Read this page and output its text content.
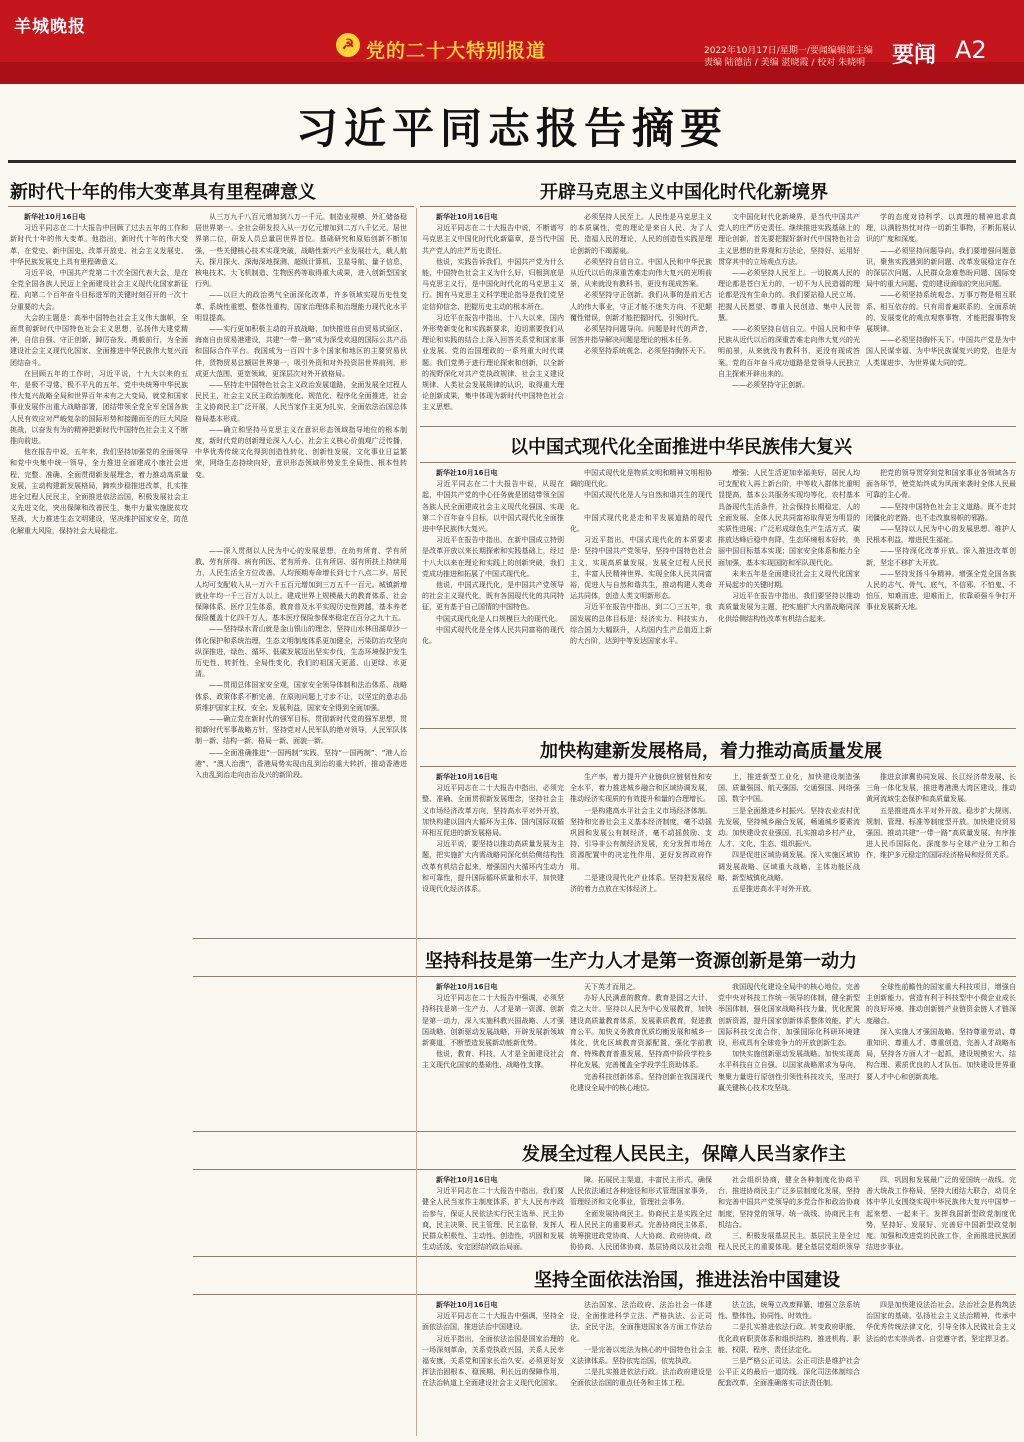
羊城晚报
☭ 党的二十大特别报道	2022年10月17日/星期一/要闻编辑部主编
责编 陆德洁 / 美编 湛晓霞 / 校对 朱晓明 要闻 A2
习近平同志报告摘要
新时代十年的伟大变革具有里程碑意义	开辟马克思主义中国化时代化新境界
以中国式现代化全面推进中华民族伟大复兴
加快构建新发展格局，着力推动高质量发展
坚持科技是第一生产力人才是第一资源创新是第一动力
发展全过程人民民主，保障人民当家作主
坚持全面依法治国，推进法治中国建设

新华社10月16日电

习近平同志在二十大报告中回顾了过去五年的工作和新时代十年的伟大变革。他指出，新时代十年的伟大变革，在党史、新中国史、改革开放史、社会主义发展史、中华民族发展史上具有里程碑意义。

习近平说，中国共产党第二十次全国代表大会，是在全党全国各族人民迈上全面建设社会主义现代化国家新征程、向第二个百年奋斗目标进军的关键时刻召开的一次十分重要的大会。

大会的主题是：高举中国特色社会主义伟大旗帜，全面贯彻新时代中国特色社会主义思想，弘扬伟大建党精神，自信自强、守正创新，踔厉奋发、勇毅前行，为全面建设社会主义现代化国家、全面推进中华民族伟大复兴而团结奋斗。

在回顾五年的工作时，习近平说，十九大以来的五年，是极不寻常、极不平凡的五年。党中央统筹中华民族伟大复兴战略全局和世界百年未有之大变局，就党和国家事业发展作出重大战略部署，团结带领全党全军全国各族人民有效应对严峻复杂的国际形势和接踵而至的巨大风险挑战，以奋发有为的精神把新时代中国特色社会主义不断推向前进。

他在报告中说，五年来，我们坚持加强党的全面领导和党中央集中统一领导，全力推进全面建成小康社会进程，完整、准确、全面贯彻新发展理念，着力推动高质量发展，主动构建新发展格局，蹄疾步稳推进改革，扎实推进全过程人民民主，全面推进依法治国，积极发展社会主义先进文化，突出保障和改善民生，集中力量实施脱贫攻坚战，大力推进生态文明建设，坚决维护国家安全，防范化解重大风险，保持社会大局稳定。

从三万九千八百元增加到八万一千元。制造业规模、外汇储备稳居世界第一。全社会研发投入从一万亿元增加到二万八千亿元，居世界第二位，研发人员总量居世界首位。基础研究和原始创新不断加强，一些关键核心技术实现突破，战略性新兴产业发展壮大，载人航天、探月探火、深海深地探测、超级计算机、卫星导航、量子信息、核电技术、大飞机制造、生物医药等取得重大成果，进入创新型国家行列。

——以巨大的政治勇气全面深化改革，许多领域实现历史性变革、系统性重塑、整体性重构，国家治理体系和治理能力现代化水平明显提高。

——实行更加积极主动的开放战略，加快推进自由贸易试验区、海南自由贸易港建设，共建“一带一路”成为深受欢迎的国际公共产品和国际合作平台。我国成为一百四十多个国家和地区的主要贸易伙伴，货物贸易总额居世界第一，吸引外资和对外投资居世界前列，形成更大范围、更宽领域、更深层次对外开放格局。

——坚持走中国特色社会主义政治发展道路，全面发展全过程人民民主，社会主义民主政治制度化、规范化、程序化全面推进，社会主义协商民主广泛开展，人民当家作主更为扎实，全面依法治国总体格局基本形成。

——确立和坚持马克思主义在意识形态领域指导地位的根本制度，新时代党的创新理论深入人心，社会主义核心价值观广泛传播，中华优秀传统文化得到创造性转化、创新性发展，文化事业日益繁荣，网络生态持续向好，意识形态领域形势发生全局性、根本性转变。

——深入贯彻以人民为中心的发展思想，在幼有所育、学有所教、劳有所得、病有所医、老有所养、住有所居、弱有所扶上持续用力，人民生活全方位改善。人均预期寿命增长到七十八点二岁。居民人均可支配收入从一万六千五百元增加到三万五千一百元。城镇新增就业年均一千三百万人以上。建成世界上规模最大的教育体系、社会保障体系、医疗卫生体系，教育普及水平实现历史性跨越，基本养老保险覆盖十亿四千万人，基本医疗保险参保率稳定在百分之九十五。

——坚持绿水青山就是金山银山的理念，坚持山水林田湖草沙一体化保护和系统治理，生态文明制度体系更加健全，污染防治攻坚向纵深推进，绿色、循环、低碳发展迈出坚实步伐，生态环境保护发生历史性、转折性、全局性变化，我们的祖国天更蓝、山更绿、水更清。

——贯彻总体国家安全观，国家安全领导体制和法治体系、战略体系、政策体系不断完善，在原则问题上寸步不让，以坚定的意志品质维护国家主权、安全、发展利益，国家安全得到全面加强。

——确立党在新时代的强军目标，贯彻新时代党的强军思想，贯彻新时代军事战略方针，坚持党对人民军队的绝对领导，人民军队体制一新、结构一新、格局一新、面貌一新。

——全面准确推进“一国两制”实践，坚持“一国两制”、“港人治港”、“澳人治澳”，香港局势实现由乱到治的重大转折，推动香港进入由乱到治走向由治及兴的新阶段。

新华社10月16日电

习近平同志在二十大报告中说，不断谱写马克思主义中国化时代化新篇章，是当代中国共产党人的庄严历史责任。

他说，实践告诉我们，中国共产党为什么能，中国特色社会主义为什么好，归根到底是马克思主义行，是中国化时代化的马克思主义行。拥有马克思主义科学理论指导是我们党坚定信仰信念、把握历史主动的根本所在。

习近平在报告中指出，十八大以来，国内外形势新变化和实践新要求，迫切需要我们从理论和实践的结合上深入回答关系党和国家事业发展、党的治国理政的一系列重大时代课题。我们党勇于进行理论探索和创新，以全新的视野深化对共产党执政规律、社会主义建设规律、人类社会发展规律的认识，取得重大理论创新成果，集中体现为新时代中国特色社会主义思想。

必须坚持人民至上。人民性是马克思主义的本质属性，党的理论是来自人民、为了人民、造福人民的理论，人民的创造性实践是理论创新的不竭源泉。

必须坚持自信自立。中国人民和中华民族从近代以后的深重苦难走向伟大复兴的光明前景，从来就没有教科书，更没有现成答案。

必须坚持守正创新。我们从事的是前无古人的伟大事业，守正才能不迷失方向、不犯颠覆性错误，创新才能把握时代、引领时代。

必须坚持问题导向。问题是时代的声音，回答并指导解决问题是理论的根本任务。

必须坚持系统观念、必须坚持胸怀天下。

文中国化时代化新境界，是当代中国共产党人的庄严历史责任。继续推进实践基础上的理论创新，首先要把握好新时代中国特色社会主义思想的世界观和方法论，坚持好、运用好贯穿其中的立场观点方法。

——必须坚持人民至上。一切脱离人民的理论都是苍白无力的，一切不为人民造福的理论都是没有生命力的。我们要站稳人民立场、把握人民愿望、尊重人民创造、集中人民智慧。

——必须坚持自信自立。中国人民和中华民族从近代以后的深重苦难走向伟大复兴的光明前景，从来就没有教科书，更没有现成答案。党的百年奋斗成功道路是党领导人民独立自主探索开辟出来的。

——必须坚持守正创新。

学的态度对待科学、以真理的精神追求真理，以满腔热忱对待一切新生事物，不断拓展认识的广度和深度。

——必须坚持问题导向。我们要增强问题意识，聚焦实践遇到的新问题、改革发展稳定存在的深层次问题、人民群众急难愁盼问题、国际变局中的重大问题、党的建设面临的突出问题。

——必须坚持系统观念。万事万物是相互联系、相互依存的。只有用普遍联系的、全面系统的、发展变化的观点观察事物，才能把握事物发展规律。

——必须坚持胸怀天下。中国共产党是为中国人民谋幸福、为中华民族谋复兴的党，也是为人类谋进步、为世界谋大同的党。

新华社10月16日电

习近平同志在二十大报告中说，从现在起，中国共产党的中心任务就是团结带领全国各族人民全面建成社会主义现代化强国、实现第二个百年奋斗目标，以中国式现代化全面推进中华民族伟大复兴。

习近平在报告中指出，在新中国成立特别是改革开放以来长期探索和实践基础上，经过十八大以来在理论和实践上的创新突破，我们党成功推进和拓展了中国式现代化。

他说，中国式现代化，是中国共产党领导的社会主义现代化，既有各国现代化的共同特征，更有基于自己国情的中国特色。

中国式现代化是人口规模巨大的现代化。

中国式现代化是全体人民共同富裕的现代化。

中国式现代化是物质文明和精神文明相协调的现代化。

中国式现代化是人与自然和谐共生的现代化。

中国式现代化是走和平发展道路的现代化。

习近平指出，中国式现代化的本质要求是：坚持中国共产党领导，坚持中国特色社会主义，实现高质量发展，发展全过程人民民主，丰富人民精神世界，实现全体人民共同富裕，促进人与自然和谐共生，推动构建人类命运共同体，创造人类文明新形态。

习近平在报告中指出，到二〇三五年，我国发展的总体目标是：经济实力、科技实力、综合国力大幅跃升，人均国内生产总值迈上新的大台阶，达到中等发达国家水平。

增强；人民生活更加幸福美好，居民人均可支配收入再上新台阶，中等收入群体比重明显提高，基本公共服务实现均等化，农村基本具备现代生活条件，社会保持长期稳定，人的全面发展、全体人民共同富裕取得更为明显的实质性进展；广泛形成绿色生产生活方式，碳排放达峰后稳中有降，生态环境根本好转，美丽中国目标基本实现；国家安全体系和能力全面加强，基本实现国防和军队现代化。

未来五年是全面建设社会主义现代化国家开局起步的关键时期。

习近平在报告中指出，我们要坚持以推动高质量发展为主题，把实施扩大内需战略同深化供给侧结构性改革有机结合起来。

把党的领导贯穿到党和国家事业各领域各方面各环节，使党始终成为风雨来袭时全体人民最可靠的主心骨。

——坚持中国特色社会主义道路。既不走封闭僵化的老路，也不走改旗易帜的邪路。

——坚持以人民为中心的发展思想。维护人民根本利益，增进民生福祉。

——坚持深化改革开放。深入推进改革创新，坚定不移扩大开放。

——坚持发扬斗争精神。增强全党全国各族人民的志气、骨气、底气，不信邪、不怕鬼、不怕压，知难而进、迎难而上，依靠顽强斗争打开事业发展新天地。

新华社10月16日电

习近平同志在二十大报告中指出，必须完整、准确、全面贯彻新发展理念，坚持社会主义市场经济改革方向，坚持高水平对外开放，加快构建以国内大循环为主体、国内国际双循环相互促进的新发展格局。

习近平说，要坚持以推动高质量发展为主题，把实施扩大内需战略同深化供给侧结构性改革有机结合起来，增强国内大循环内生动力和可靠性，提升国际循环质量和水平，加快建设现代化经济体系。

生产率，着力提升产业链供应链韧性和安全水平，着力推进城乡融合和区域协调发展，推动经济实现质的有效提升和量的合理增长。

一是构建高水平社会主义市场经济体制。坚持和完善社会主义基本经济制度，毫不动摇巩固和发展公有制经济，毫不动摇鼓励、支持、引导非公有制经济发展，充分发挥市场在资源配置中的决定性作用，更好发挥政府作用。

二是建设现代化产业体系。坚持把发展经济的着力点放在实体经济上。

上，推进新型工业化，加快建设制造强国、质量强国、航天强国、交通强国、网络强国、数字中国。

三是全面推进乡村振兴。坚持农业农村优先发展，坚持城乡融合发展，畅通城乡要素流动。加快建设农业强国，扎实推动乡村产业、人才、文化、生态、组织振兴。

四是促进区域协调发展。深入实施区域协调发展战略、区域重大战略、主体功能区战略、新型城镇化战略。

五是推进高水平对外开放。

推进京津冀协同发展、长江经济带发展、长三角一体化发展，推进粤港澳大湾区建设，推动黄河流域生态保护和高质量发展。

五是推进高水平对外开放。稳步扩大规则、规制、管理、标准等制度型开放。加快建设贸易强国。推动共建“一带一路”高质量发展。有序推进人民币国际化。深度参与全球产业分工和合作，维护多元稳定的国际经济格局和经贸关系。

新华社10月16日电

习近平同志在二十大报告中强调，必须坚持科技是第一生产力、人才是第一资源、创新是第一动力，深入实施科教兴国战略、人才强国战略、创新驱动发展战略，开辟发展新领域新赛道，不断塑造发展新动能新优势。

他说，教育、科技、人才是全面建设社会主义现代化国家的基础性、战略性支撑。

天下英才而用之。

办好人民满意的教育。教育是国之大计、党之大计。坚持以人民为中心发展教育，加快建设高质量教育体系，发展素质教育，促进教育公平。加快义务教育优质均衡发展和城乡一体化，优化区域教育资源配置，强化学前教育、特殊教育普惠发展，坚持高中阶段学校多样化发展，完善覆盖全学段学生资助体系。

完善科技创新体系。坚持创新在我国现代化建设全局中的核心地位。

我国现代化建设全局中的核心地位。完善党中央对科技工作统一领导的体制，健全新型举国体制，强化国家战略科技力量，优化配置创新资源，提升国家创新体系整体效能。扩大国际科技交流合作，加强国际化科研环境建设，形成具有全球竞争力的开放创新生态。

加快实施创新驱动发展战略。加快实现高水平科技自立自强。以国家战略需求为导向，集聚力量进行原创性引领性科技攻关，坚决打赢关键核心技术攻坚战。

全球性前瞻性的国家重大科技项目，增强自主创新能力。营造有利于科技型中小微企业成长的良好环境，推动创新链产业链资金链人才链深度融合。

深入实施人才强国战略。坚持尊重劳动、尊重知识、尊重人才、尊重创造，完善人才战略布局，坚持各方面人才一起抓，建设规模宏大、结构合理、素质优良的人才队伍。加快建设世界重要人才中心和创新高地。

新华社10月16日电

习近平同志在二十大报告中指出，我们要健全人民当家作主制度体系，扩大人民有序政治参与，保证人民依法实行民主选举、民主协商、民主决策、民主管理、民主监督，发挥人民群众积极性、主动性、创造性，巩固和发展生动活泼、安定团结的政治局面。

障。拓展民主渠道，丰富民主形式，确保人民依法通过各种途径和形式管理国家事务，管理经济和文化事业，管理社会事务。

全面发展协商民主。协商民主是实践全过程人民民主的重要形式。完善协商民主体系，统筹推进政党协商、人大协商、政府协商、政协协商、人民团体协商、基层协商以及社会组

社会组织协商，健全各种制度化协商平台，推进协商民主广泛多层制度化发展，坚持和完善中国共产党领导的多党合作和政治协商制度，坚持党的领导、统一战线、协商民主有机结合。

三、积极发展基层民主。基层民主是全过程人民民主的重要体现。健全基层党组织领导

四、巩固和发展最广泛的爱国统一战线。完善大统战工作格局，坚持大团结大联合，动员全体中华儿女围绕实现中华民族伟大复兴中国梦一起来想、一起来干。发挥我国新型政党制度优势，坚持好、发展好、完善好中国新型政党制度。加强和改进党的民族工作，全面推进民族团结进步事业。

新华社10月16日电

习近平同志在二十大报告中强调，坚持全面依法治国，推进法治中国建设。

习近平指出，全面依法治国是国家治理的一场深刻革命，关系党执政兴国，关系人民幸福安康，关系党和国家长治久安。必须更好发挥法治固根本、稳预期、利长远的保障作用，在法治轨道上全面建设社会主义现代化国家。

法治国家、法治政府、法治社会一体建设，全面推进科学立法、严格执法、公正司法、全民守法，全面推进国家各方面工作法治化。

一是完善以宪法为核心的中国特色社会主义法律体系。坚持依宪治国、依宪执政。

二是扎实推进依法行政。法治政府建设是全面依法治国的重点任务和主体工程。

法立法，统筹立改废释纂，增强立法系统性、整体性、协同性、时效性。

二是扎实推进依法行政。转变政府职能，优化政府职责体系和组织结构，推进机构、职能、权限、程序、责任法定化。

三是严格公正司法。公正司法是维护社会公平正义的最后一道防线。深化司法体制综合配套改革，全面准确落实司法责任制。

四是加快建设法治社会。法治社会是构筑法治国家的基础。弘扬社会主义法治精神，传承中华优秀传统法律文化，引导全体人民做社会主义法治的忠实崇尚者、自觉遵守者、坚定捍卫者。
